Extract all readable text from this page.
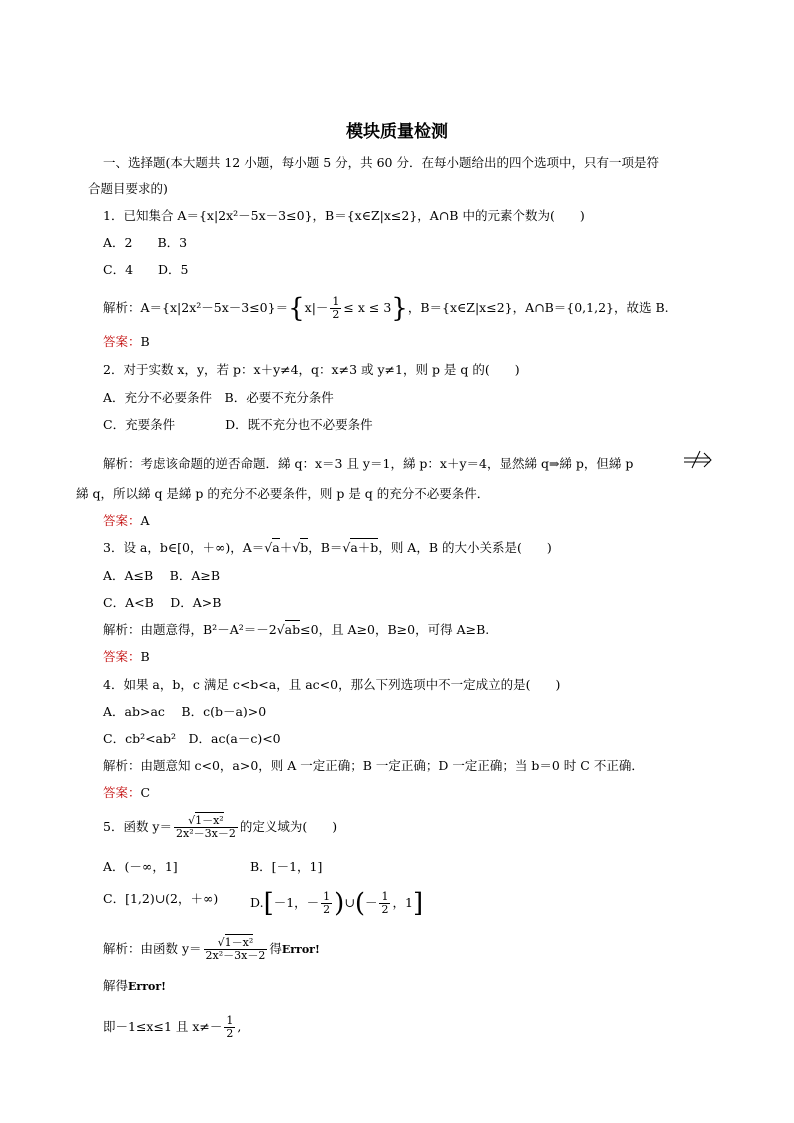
模块质量检测
一、选择题(本大题共 12 小题，每小题 5 分，共 60 分．在每小题给出的四个选项中，只有一项是符
合题目要求的)
1．已知集合 A＝{x|2x²－5x－3≤0}，B＝{x∈Z|x≤2}，A∩B 中的元素个数为(　　)
A．2　　B．3
C．4　　D．5
解析：$A=\{x|2x^2-5x-3\le 0\}=\{x|- \frac{1}{2} \le x \le 3\}$，B＝{x∈Z|x≤2}，A∩B＝{0,1,2}，故选 B.
答案：B
2．对于实数 x，y，若 p：x＋y≠4，q：x≠3 或 y≠1，则 p 是 q 的(　　)
A．充分不必要条件　B．必要不充分条件
C．充要条件　　　　D．既不充分也不必要条件
解析：考虑该命题的逆否命题．綈 q：x＝3 且 y＝1，綈 p：x＋y＝4，显然綈 q⇒綈 p，但綈 p
綈 q，所以綈 q 是綈 p 的充分不必要条件，则 p 是 q 的充分不必要条件．
答案：A
3．设 a，b∈[0，＋∞)，A＝√a＋√b，B＝√a＋b，则 A，B 的大小关系是(　　)
A．A≤B　 B．A≥B
C．A<B　 D．A>B
解析：由题意得，B²－A²＝－2√ab≤0，且 A≥0，B≥0，可得 A≥B.
答案：B
4．如果 a，b，c 满足 c<b<a，且 ac<0，那么下列选项中不一定成立的是(　　)
A．ab>ac　 B．c(b－a)>0
C．cb²<ab²　D．ac(a－c)<0
解析：由题意知 c<0，a>0，则 A 一定正确；B 一定正确；D 一定正确；当 b＝0 时 C 不正确．
答案：C
5．函数 $y= \frac{\text{√1－x²}}{\text{2x²－3x－2}}$ 的定义域为(　　)
A．(－∞，1]	B．[－1，1]
C．[1,2)∪(2，＋∞)	D.[－1，－ $\frac{1}{2}$ )∪(－ $\frac{1}{2}$ ，1]
解析：由函数 $y= \frac{\text{√1－x²}}{\text{2x²－3x－2}}$ 得Error!
解得Error!
即－1≤x≤1 且 $x\ne- \frac{1}{2}$ ,
